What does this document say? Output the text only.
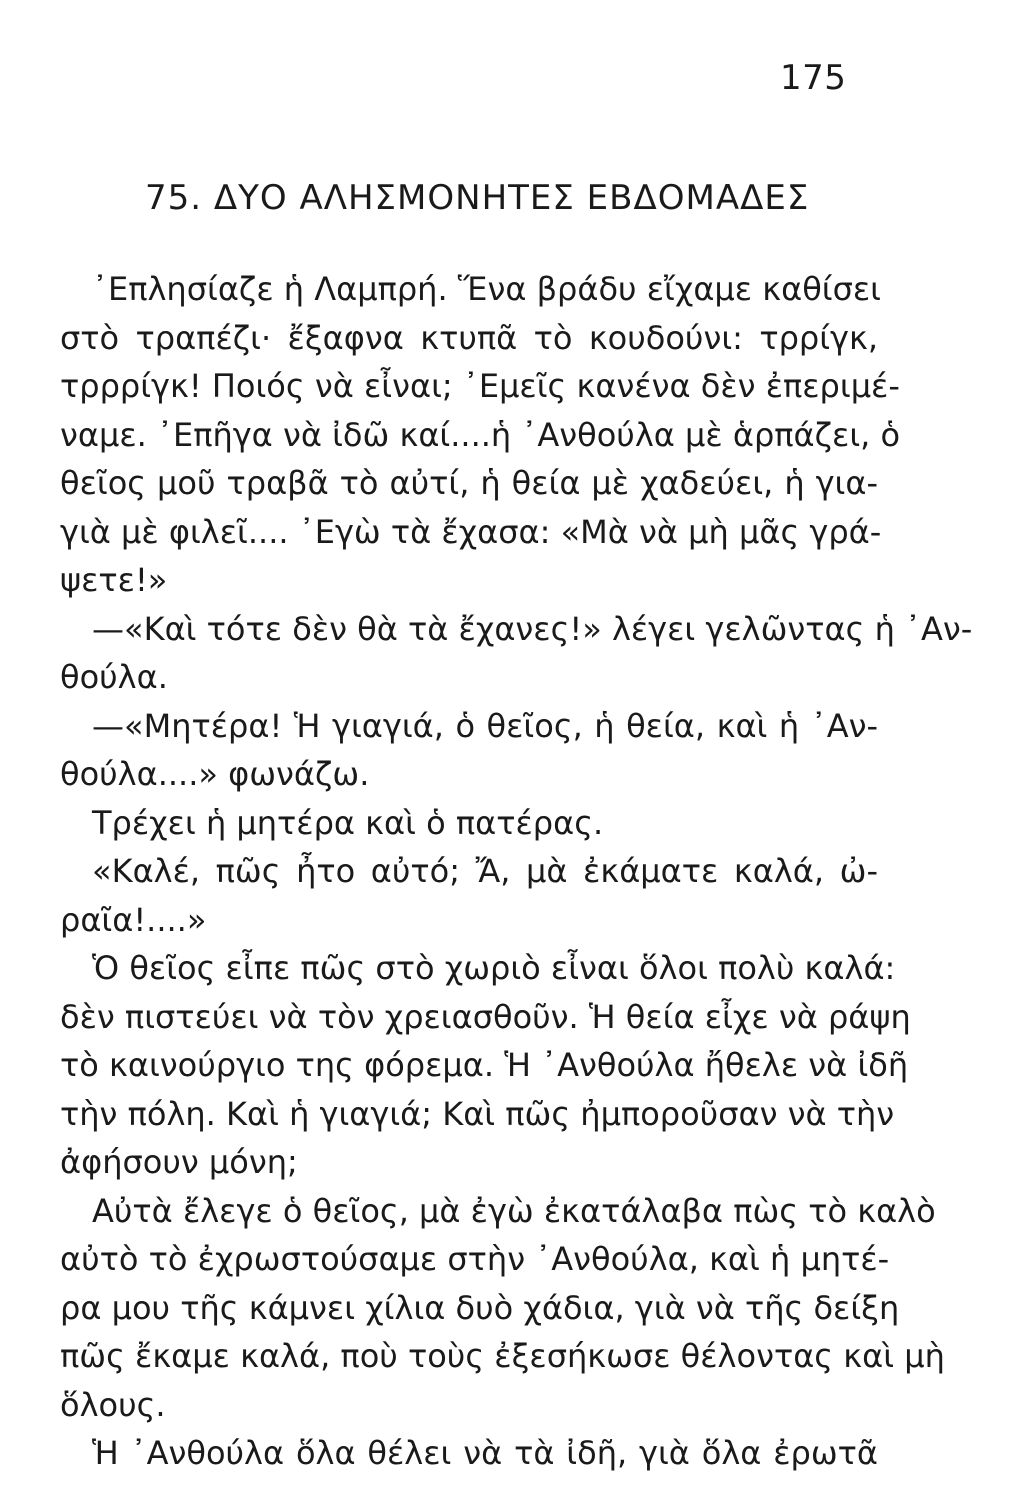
175
75. ΔΥΟ ΑΛΗΣΜΟΝΗΤΕΣ ΕΒΔΟΜΑΔΕΣ
᾿Επλησίαζε ἡ Λαμπρή. Ἕνα βράδυ εἴχαμε καθίσει
στὸ τραπέζι· ἔξαφνα κτυπᾶ τὸ κουδούνι: τρρίγκ,
τρρρίγκ! Ποιός νὰ εἶναι; ᾿Εμεῖς κανένα δὲν ἐπεριμέ-
ναμε. ᾿Επῆγα νὰ ἰδῶ καί....ἡ ᾿Ανθούλα μὲ ἁρπάζει, ὁ
θεῖος μοῦ τραβᾶ τὸ αὐτί, ἡ θεία μὲ χαδεύει, ἡ για-
γιὰ μὲ φιλεῖ.... ᾿Εγὼ τὰ ἔχασα: «Μὰ νὰ μὴ μᾶς γρά-
ψετε!»
—«Καὶ τότε δὲν θὰ τὰ ἔχανες!» λέγει γελῶντας ἡ ᾿Αν-
θούλα.
—«Μητέρα! Ἡ γιαγιά, ὁ θεῖος, ἡ θεία, καὶ ἡ ᾿Αν-
θούλα....» φωνάζω.
Τρέχει ἡ μητέρα καὶ ὁ πατέρας.
«Καλέ, πῶς ἦτο αὐτό; Ἄ, μὰ ἐκάματε καλά, ὠ-
ραῖα!....»
Ὁ θεῖος εἶπε πῶς στὸ χωριὸ εἶναι ὅλοι πολὺ καλά:
δὲν πιστεύει νὰ τὸν χρειασθοῦν. Ἡ θεία εἶχε νὰ ράψη
τὸ καινούργιο της φόρεμα. Ἡ ᾿Ανθούλα ἤθελε νὰ ἰδῆ
τὴν πόλη. Καὶ ἡ γιαγιά; Καὶ πῶς ἠμποροῦσαν νὰ τὴν
ἀφήσουν μόνη;
Αὐτὰ ἔλεγε ὁ θεῖος, μὰ ἐγὼ ἐκατάλαβα πὼς τὸ καλὸ
αὐτὸ τὸ ἐχρωστούσαμε στὴν ᾿Ανθούλα, καὶ ἡ μητέ-
ρα μου τῆς κάμνει χίλια δυὸ χάδια, γιὰ νὰ τῆς δείξη
πῶς ἔκαμε καλά, ποὺ τοὺς ἐξεσήκωσε θέλοντας καὶ μὴ
ὅλους.
Ἡ ᾿Ανθούλα ὅλα θέλει νὰ τὰ ἰδῆ, γιὰ ὅλα ἐρωτᾶ
